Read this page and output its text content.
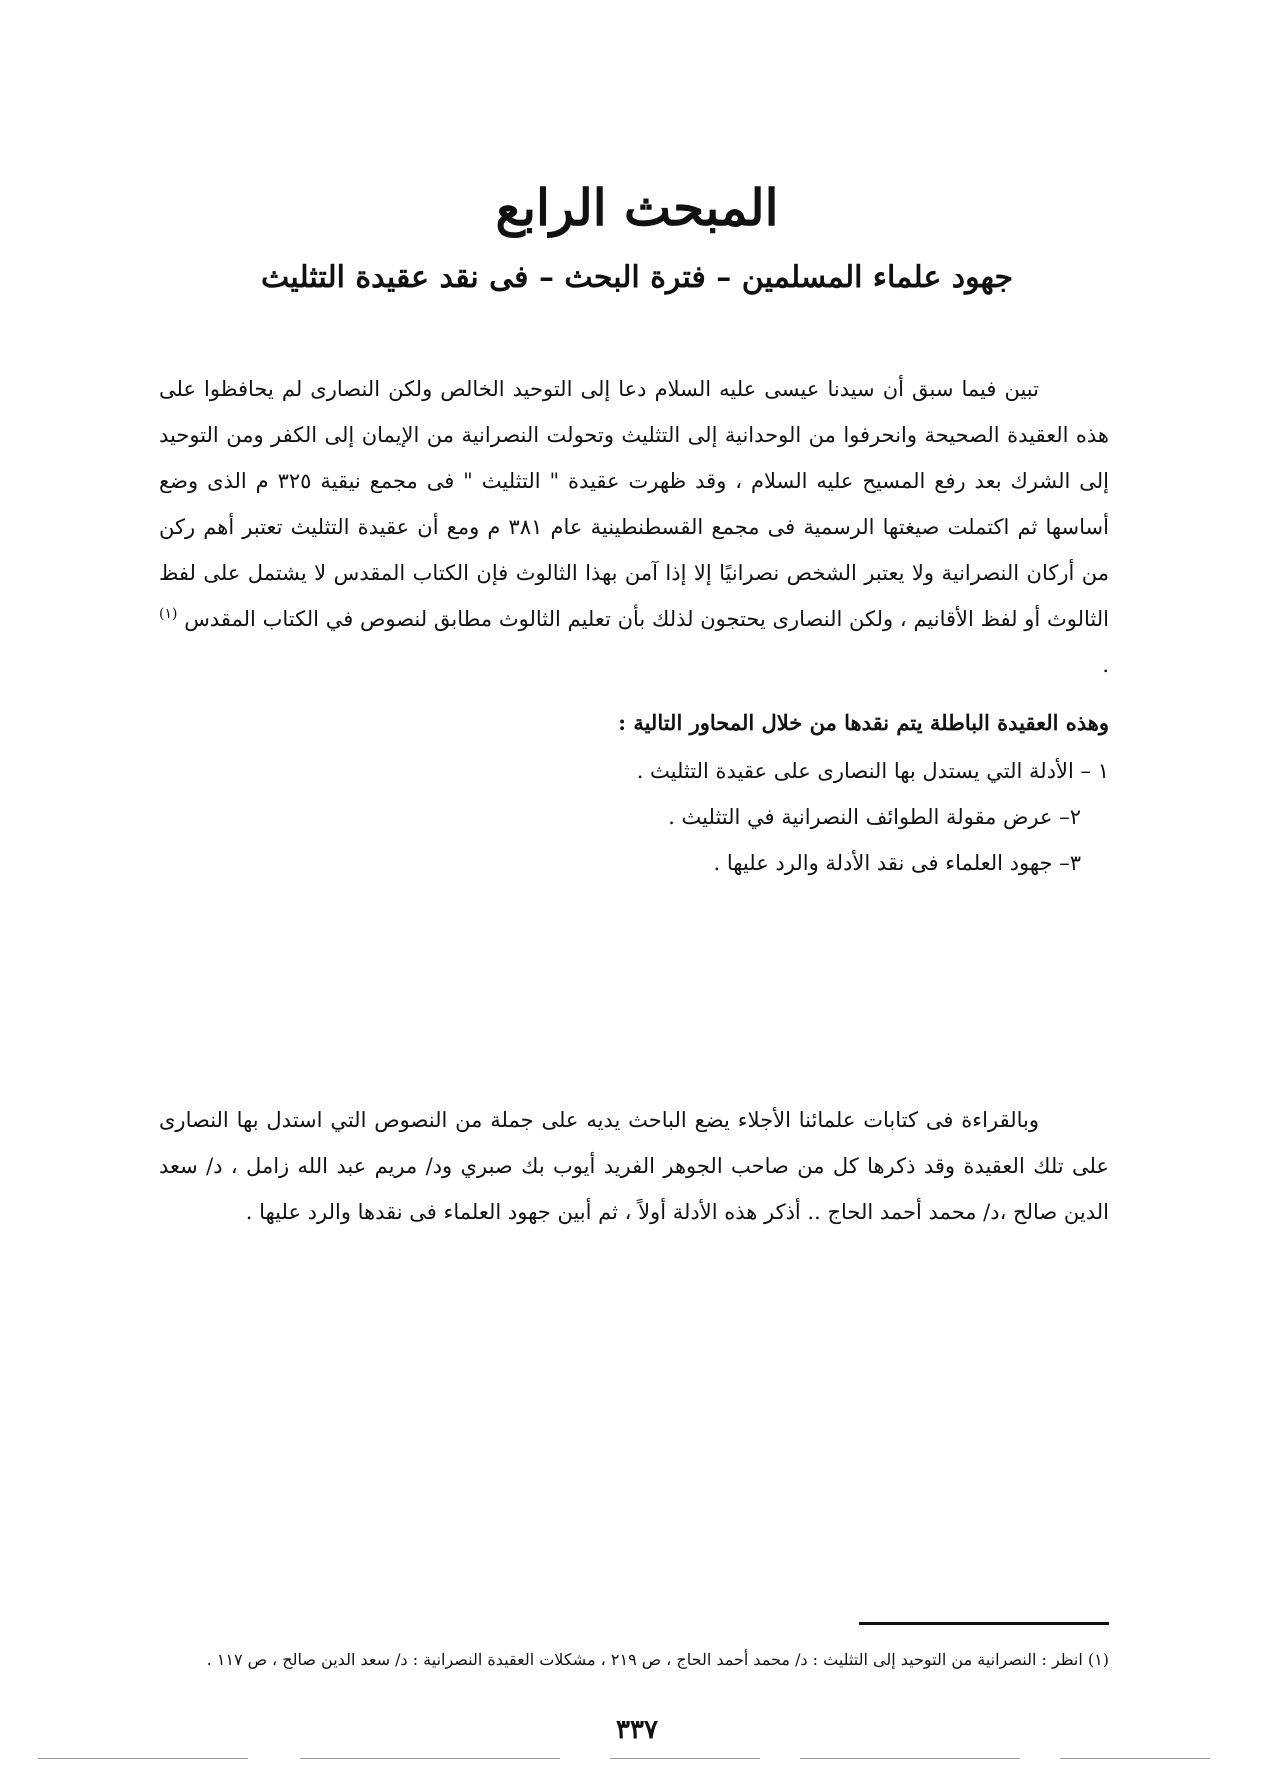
المبحث الرابع
جهود علماء المسلمين – فترة البحث – فى نقد عقيدة التثليث

تبين فيما سبق أن سيدنا عيسى عليه السلام دعا إلى التوحيد الخالص ولكن النصارى لم يحافظوا على هذه العقيدة الصحيحة وانحرفوا من الوحدانية إلى التثليث وتحولت النصرانية من الإيمان إلى الكفر ومن التوحيد إلى الشرك بعد رفع المسيح عليه السلام ، وقد ظهرت عقيدة " التثليث " فى مجمع نيقية ٣٢٥ م الذى وضع أساسها ثم اكتملت صيغتها الرسمية فى مجمع القسطنطينية عام ٣٨١ م ومع أن عقيدة التثليث تعتبر أهم ركن من أركان النصرانية ولا يعتبر الشخص نصرانيًا إلا إذا آمن بهذا الثالوث فإن الكتاب المقدس لا يشتمل على لفظ الثالوث أو لفظ الأقانيم ، ولكن النصارى يحتجون لذلك بأن تعليم الثالوث مطابق لنصوص في الكتاب المقدس $^{(١)}$ .

وهذه العقيدة الباطلة يتم نقدها من خلال المحاور التالية :

١ – الأدلة التي يستدل بها النصارى على عقيدة التثليث .
٢– عرض مقولة الطوائف النصرانية في التثليث .
٣– جهود العلماء فى نقد الأدلة والرد عليها .

وبالقراءة فى كتابات علمائنا الأجلاء يضع الباحث يديه على جملة من النصوص التي استدل بها النصارى على تلك العقيدة وقد ذكرها كل من صاحب الجوهر الفريد أيوب بك صبري ود/ مريم عبد الله زامل ، د/ سعد الدين صالح ،د/ محمد أحمد الحاج .. أذكر هذه الأدلة أولاً ، ثم أبين جهود العلماء فى نقدها والرد عليها .

(١) انظر : النصرانية من التوحيد إلى التثليث : د/ محمد أحمد الحاج ، ص ٢١٩ ، مشكلات العقيدة النصرانية : د/ سعد الدين صالح ، ص ١١٧ .

٣٣٧
